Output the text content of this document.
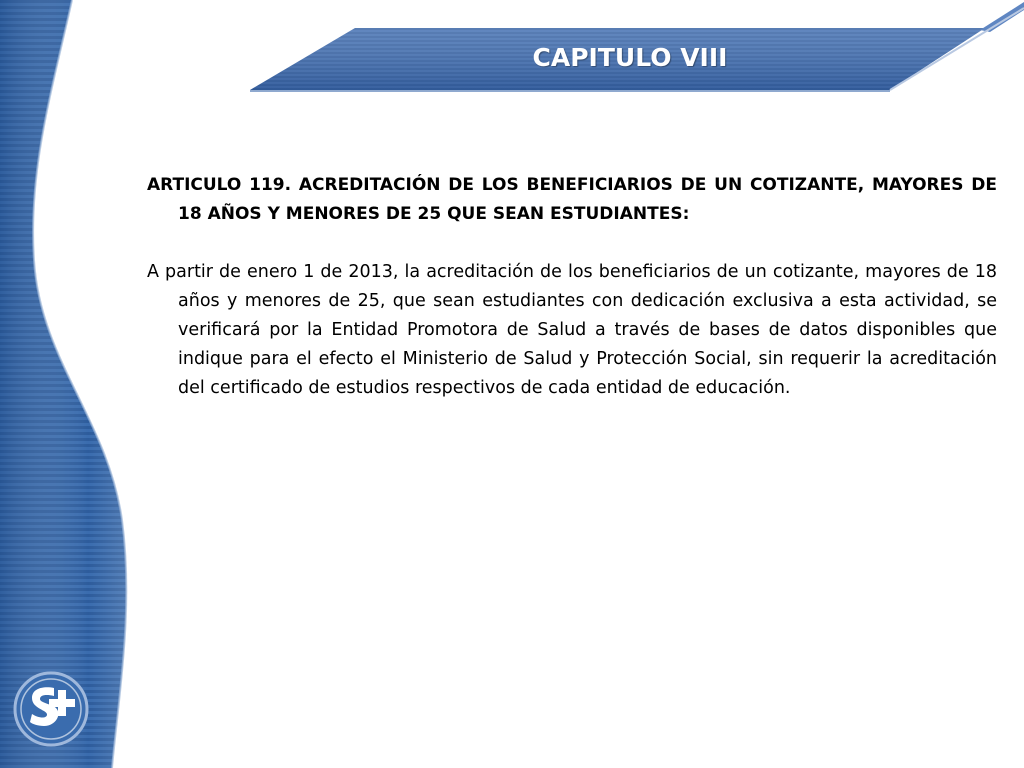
CAPITULO VIII

ARTICULO 119. ACREDITACIÓN DE LOS BENEFICIARIOS DE UN COTIZANTE, MAYORES DE 18 AÑOS Y MENORES DE 25 QUE SEAN ESTUDIANTES:

A partir de enero 1 de 2013, la acreditación de los beneficiarios de un cotizante, mayores de 18 años y menores de 25, que sean estudiantes con dedicación exclusiva a esta actividad, se verificará por la Entidad Promotora de Salud a través de bases de datos disponibles que indique para el efecto el Ministerio de Salud y Protección Social, sin requerir la acreditación del certificado de estudios respectivos de cada entidad de educación.
